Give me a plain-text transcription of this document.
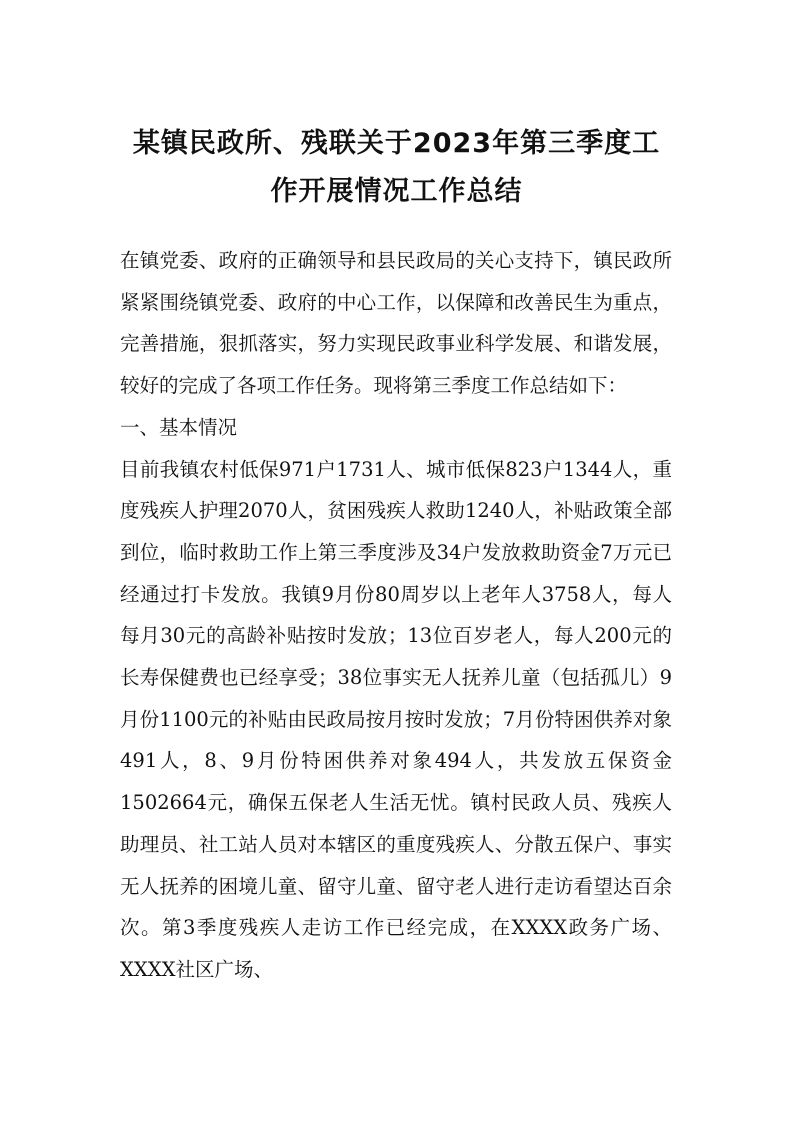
某镇民政所、残联关于2023年第三季度工
作开展情况工作总结

在镇党委、政府的正确领导和县民政局的关心支持下，镇民政所紧紧围绕镇党委、政府的中心工作，以保障和改善民生为重点，完善措施，狠抓落实，努力实现民政事业科学发展、和谐发展，较好的完成了各项工作任务。现将第三季度工作总结如下：

一、基本情况

目前我镇农村低保971户1731人、城市低保823户1344人，重度残疾人护理2070人，贫困残疾人救助1240人，补贴政策全部到位，临时救助工作上第三季度涉及34户发放救助资金7万元已经通过打卡发放。我镇9月份80周岁以上老年人3758人，每人每月30元的高龄补贴按时发放；13位百岁老人，每人200元的长寿保健费也已经享受；38位事实无人抚养儿童（包括孤儿）9月份1100元的补贴由民政局按月按时发放；7月份特困供养对象491人，8、9月份特困供养对象494人，共发放五保资金1502664元，确保五保老人生活无忧。镇村民政人员、残疾人助理员、社工站人员对本辖区的重度残疾人、分散五保户、事实无人抚养的困境儿童、留守儿童、留守老人进行走访看望达百余次。第3季度残疾人走访工作已经完成，在XXXX政务广场、XXXX社区广场、
